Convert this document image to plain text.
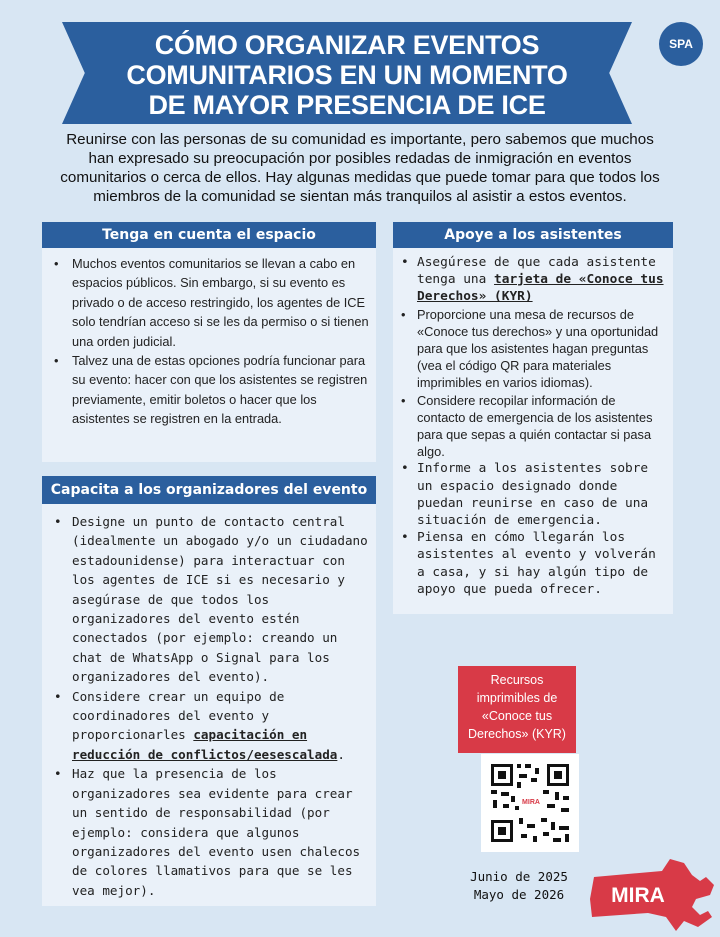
CÓMO ORGANIZAR EVENTOS
COMUNITARIOS EN UN MOMENTO
DE MAYOR PRESENCIA DE ICE
SPA
Reunirse con las personas de su comunidad es importante, pero sabemos que muchos han expresado su preocupación por posibles redadas de inmigración en eventos comunitarios o cerca de ellos. Hay algunas medidas que puede tomar para que todos los miembros de la comunidad se sientan más tranquilos al asistir a estos eventos.
Tenga en cuenta el espacio
• Muchos eventos comunitarios se llevan a cabo en espacios públicos. Sin embargo, si su evento es privado o de acceso restringido, los agentes de ICE solo tendrían acceso si se les da permiso o si tienen una orden judicial.
• Talvez una de estas opciones podría funcionar para su evento: hacer con que los asistentes se registren previamente, emitir boletos o hacer que los asistentes se registren en la entrada.
Capacita a los organizadores del evento
• Designe un punto de contacto central (idealmente un abogado y/o un ciudadano estadounidense) para interactuar con los agentes de ICE si es necesario y asegúrase de que todos los organizadores del evento estén conectados (por ejemplo: creando un chat de WhatsApp o Signal para los organizadores del evento).
• Considere crear un equipo de coordinadores del evento y proporcionarles capacitación en reducción de conflictos/eesescalada.
• Haz que la presencia de los organizadores sea evidente para crear un sentido de responsabilidad (por ejemplo: considera que algunos organizadores del evento usen chalecos de colores llamativos para que se les vea mejor).
Apoye a los asistentes
• Asegúrese de que cada asistente tenga una tarjeta de «Conoce tus Derechos» (KYR)
• Proporcione una mesa de recursos de «Conoce tus derechos» y una oportunidad para que los asistentes hagan preguntas (vea el código QR para materiales imprimibles en varios idiomas).
• Considere recopilar información de contacto de emergencia de los asistentes para que sepas a quién contactar si pasa algo.
• Informe a los asistentes sobre un espacio designado donde puedan reunirse en caso de una situación de emergencia.
• Piensa en cómo llegarán los asistentes al evento y volverán a casa, y si hay algún tipo de apoyo que pueda ofrecer.
Recursos
imprimibles de
«Conoce tus
Derechos» (KYR)
MIRA
Junio de 2025
Mayo de 2026	MIRA
